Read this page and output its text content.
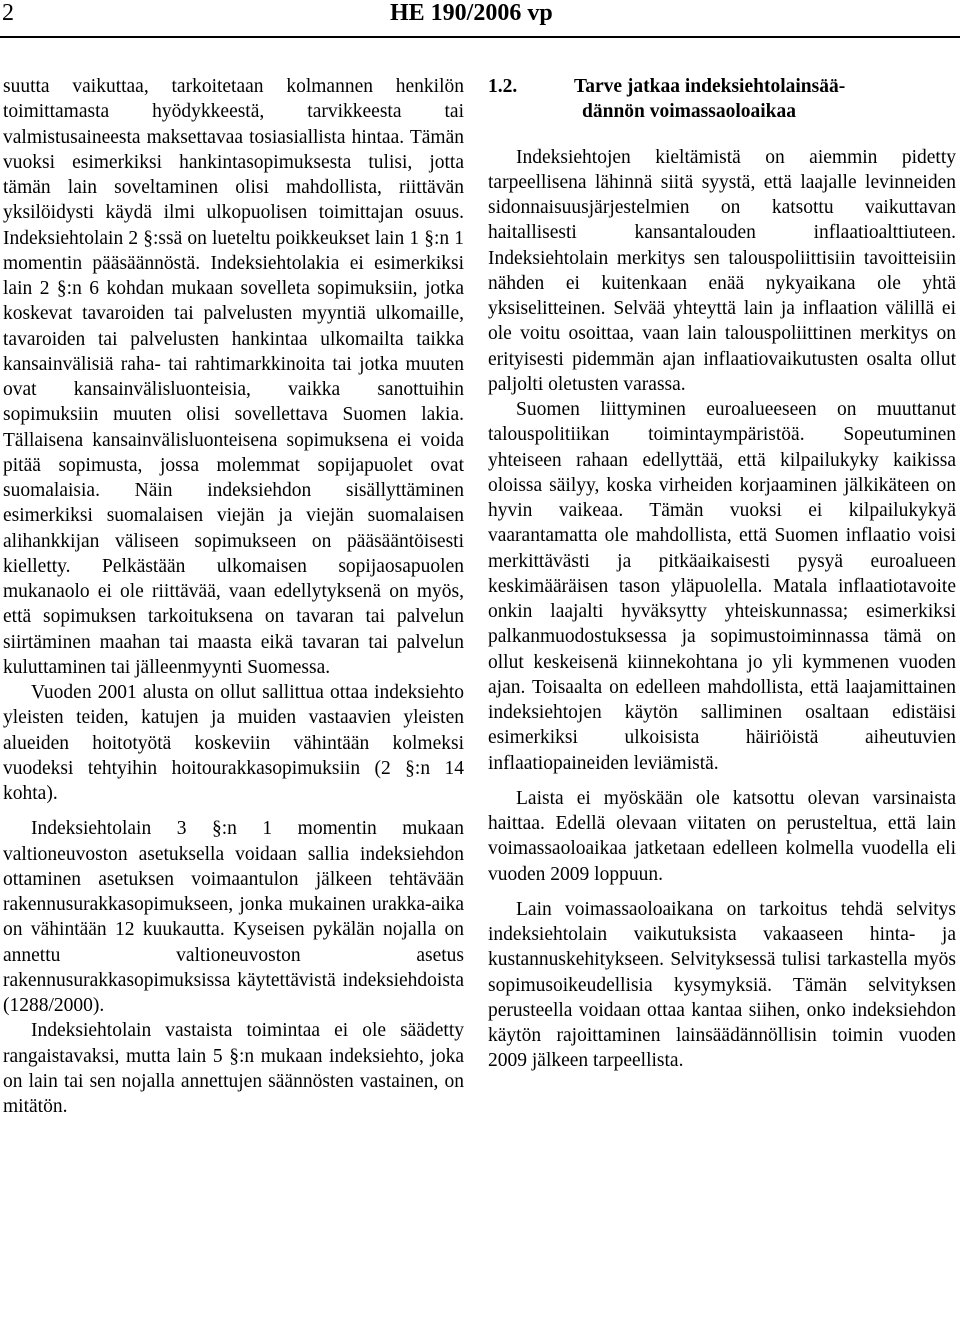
2	HE 190/2006 vp

suutta vaikuttaa, tarkoitetaan kolmannen henkilön toimittamasta hyödykkeestä, tarvikkeesta tai valmistusaineesta maksettavaa tosiasiallista hintaa. Tämän vuoksi esimerkiksi hankintasopimuksesta tulisi, jotta tämän lain soveltaminen olisi mahdollista, riittävän yksilöidysti käydä ilmi ulkopuolisen toimittajan osuus. Indeksiehtolain 2 §:ssä on lueteltu poikkeukset lain 1 §:n 1 momentin pääsäännöstä. Indeksiehtolakia ei esimerkiksi lain 2 §:n 6 kohdan mukaan sovelleta sopimuksiin, jotka koskevat tavaroiden tai palvelusten myyntiä ulkomaille, tavaroiden tai palvelusten hankintaa ulkomailta taikka kansainvälisiä raha- tai rahtimarkkinoita tai jotka muuten ovat kansainvälisluonteisia, vaikka sanottuihin sopimuksiin muuten olisi sovellettava Suomen lakia. Tällaisena kansainvälisluonteisena sopimuksena ei voida pitää sopimusta, jossa molemmat sopijapuolet ovat suomalaisia. Näin indeksiehdon sisällyttäminen esimerkiksi suomalaisen viejän ja viejän suomalaisen alihankkijan väliseen sopimukseen on pääsääntöisesti kielletty. Pelkästään ulkomaisen sopijaosapuolen mukanaolo ei ole riittävää, vaan edellytyksenä on myös, että sopimuksen tarkoituksena on tavaran tai palvelun siirtäminen maahan tai maasta eikä tavaran tai palvelun kuluttaminen tai jälleenmyynti Suomessa.

Vuoden 2001 alusta on ollut sallittua ottaa indeksiehto yleisten teiden, katujen ja muiden vastaavien yleisten alueiden hoitotyötä koskeviin vähintään kolmeksi vuodeksi tehtyihin hoitourakkasopimuksiin (2 §:n 14 kohta).

Indeksiehtolain 3 §:n 1 momentin mukaan valtioneuvoston asetuksella voidaan sallia indeksiehdon ottaminen asetuksen voimaantulon jälkeen tehtävään rakennusurakkasopimukseen, jonka mukainen urakka-aika on vähintään 12 kuukautta. Kyseisen pykälän nojalla on annettu valtioneuvoston asetus rakennusurakkasopimuksissa käytettävistä indeksiehdoista (1288/2000).

Indeksiehtolain vastaista toimintaa ei ole säädetty rangaistavaksi, mutta lain 5 §:n mukaan indeksiehto, joka on lain tai sen nojalla annettujen säännösten vastainen, on mitätön.

1.2.	Tarve jatkaa indeksiehtolainsää-
dännön voimassaoloaikaa

Indeksiehtojen kieltämistä on aiemmin pidetty tarpeellisena lähinnä siitä syystä, että laajalle levinneiden sidonnaisuusjärjestelmien on katsottu vaikuttavan haitallisesti kansantalouden inflaatioalttiuteen. Indeksiehtolain merkitys sen talouspoliittisiin tavoitteisiin nähden ei kuitenkaan enää nykyaikana ole yhtä yksiselitteinen. Selvää yhteyttä lain ja inflaation välillä ei ole voitu osoittaa, vaan lain talouspoliittinen merkitys on erityisesti pidemmän ajan inflaatiovaikutusten osalta ollut paljolti oletusten varassa.

Suomen liittyminen euroalueeseen on muuttanut talouspolitiikan toimintaympäristöä. Sopeutuminen yhteiseen rahaan edellyttää, että kilpailukyky kaikissa oloissa säilyy, koska virheiden korjaaminen jälkikäteen on hyvin vaikeaa. Tämän vuoksi ei kilpailukykyä vaarantamatta ole mahdollista, että Suomen inflaatio voisi merkittävästi ja pitkäaikaisesti pysyä euroalueen keskimääräisen tason yläpuolella. Matala inflaatiotavoite onkin laajalti hyväksytty yhteiskunnassa; esimerkiksi palkanmuodostuksessa ja sopimustoiminnassa tämä on ollut keskeisenä kiinnekohtana jo yli kymmenen vuoden ajan. Toisaalta on edelleen mahdollista, että laajamittainen indeksiehtojen käytön salliminen osaltaan edistäisi esimerkiksi ulkoisista häiriöistä aiheutuvien inflaatiopaineiden leviämistä.

Laista ei myöskään ole katsottu olevan varsinaista haittaa. Edellä olevaan viitaten on perusteltua, että lain voimassaoloaikaa jatketaan edelleen kolmella vuodella eli vuoden 2009 loppuun.

Lain voimassaoloaikana on tarkoitus tehdä selvitys indeksiehtolain vaikutuksista vakaaseen hinta- ja kustannuskehitykseen. Selvityksessä tulisi tarkastella myös sopimusoikeudellisia kysymyksiä. Tämän selvityksen perusteella voidaan ottaa kantaa siihen, onko indeksiehdon käytön rajoittaminen lainsäädännöllisin toimin vuoden 2009 jälkeen tarpeellista.
